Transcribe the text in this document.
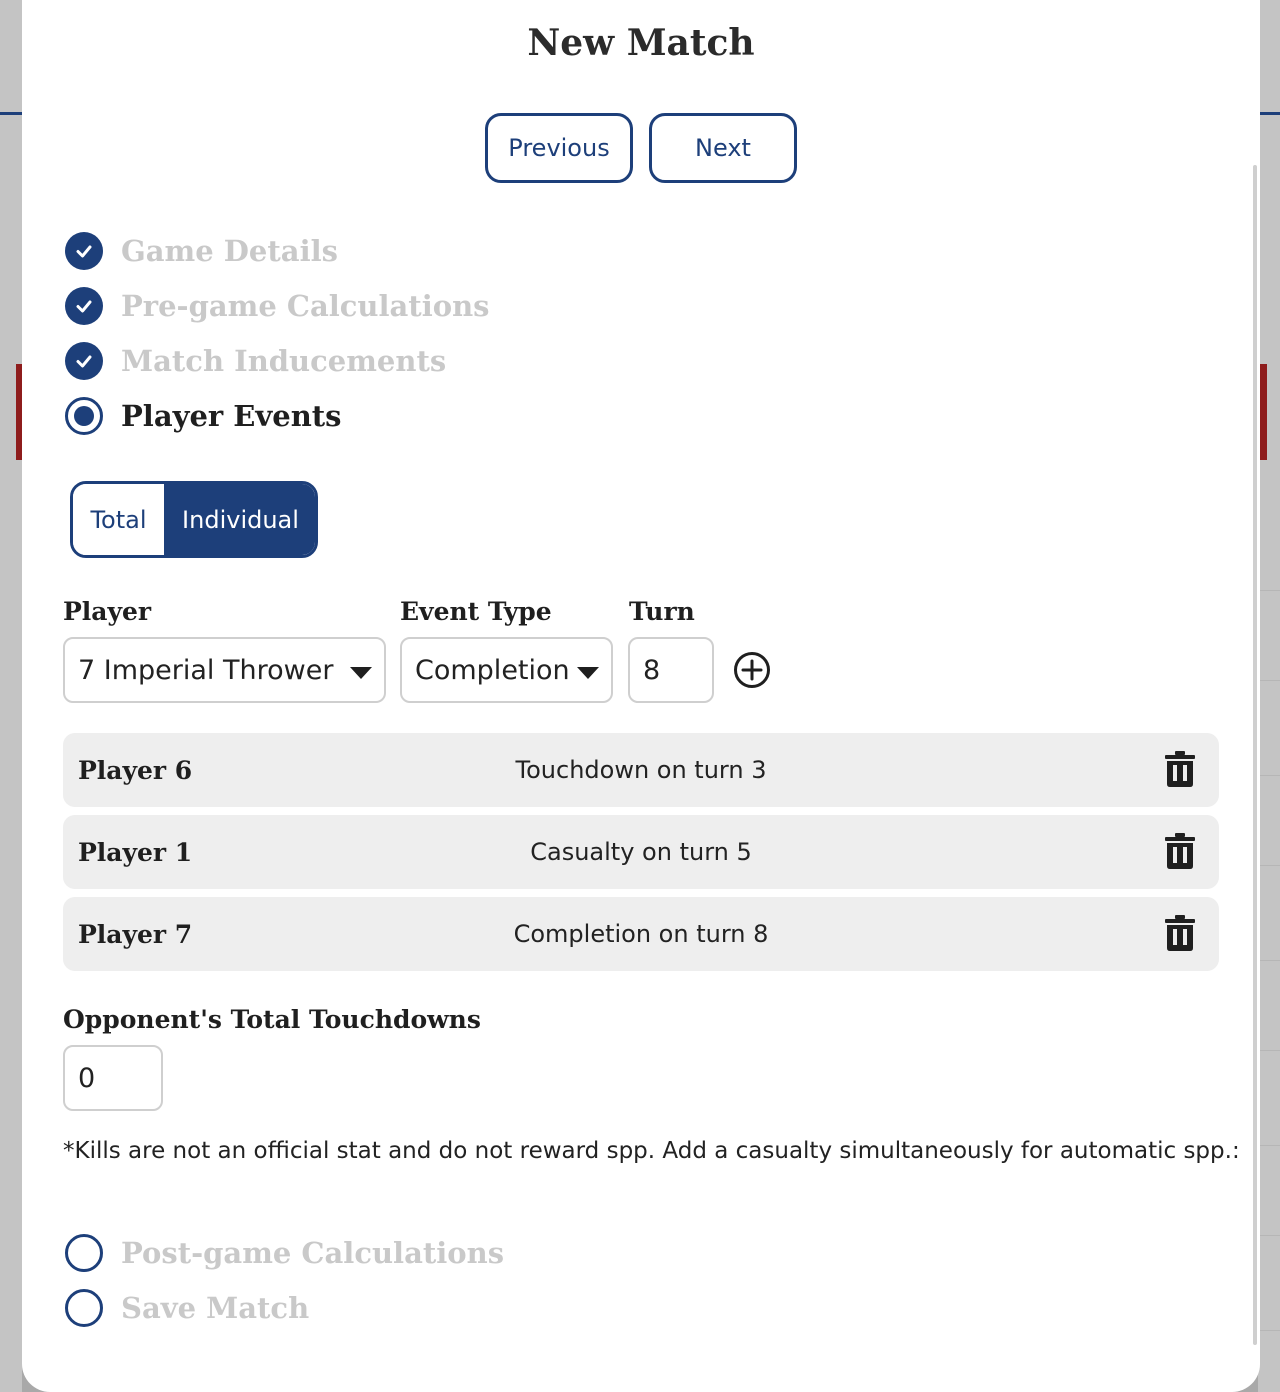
New Match
Previous	Next
Game Details
Pre-game Calculations
Match Inducements
Player Events
Total	Individual
Player	Event Type	Turn
7 Imperial Thrower	Completion	8
Player 6	Touchdown on turn 3
Player 1	Casualty on turn 5
Player 7	Completion on turn 8
Opponent's Total Touchdowns
0
*Kills are not an official stat and do not reward spp. Add a casualty simultaneously for automatic spp.:
Post-game Calculations
Save Match
